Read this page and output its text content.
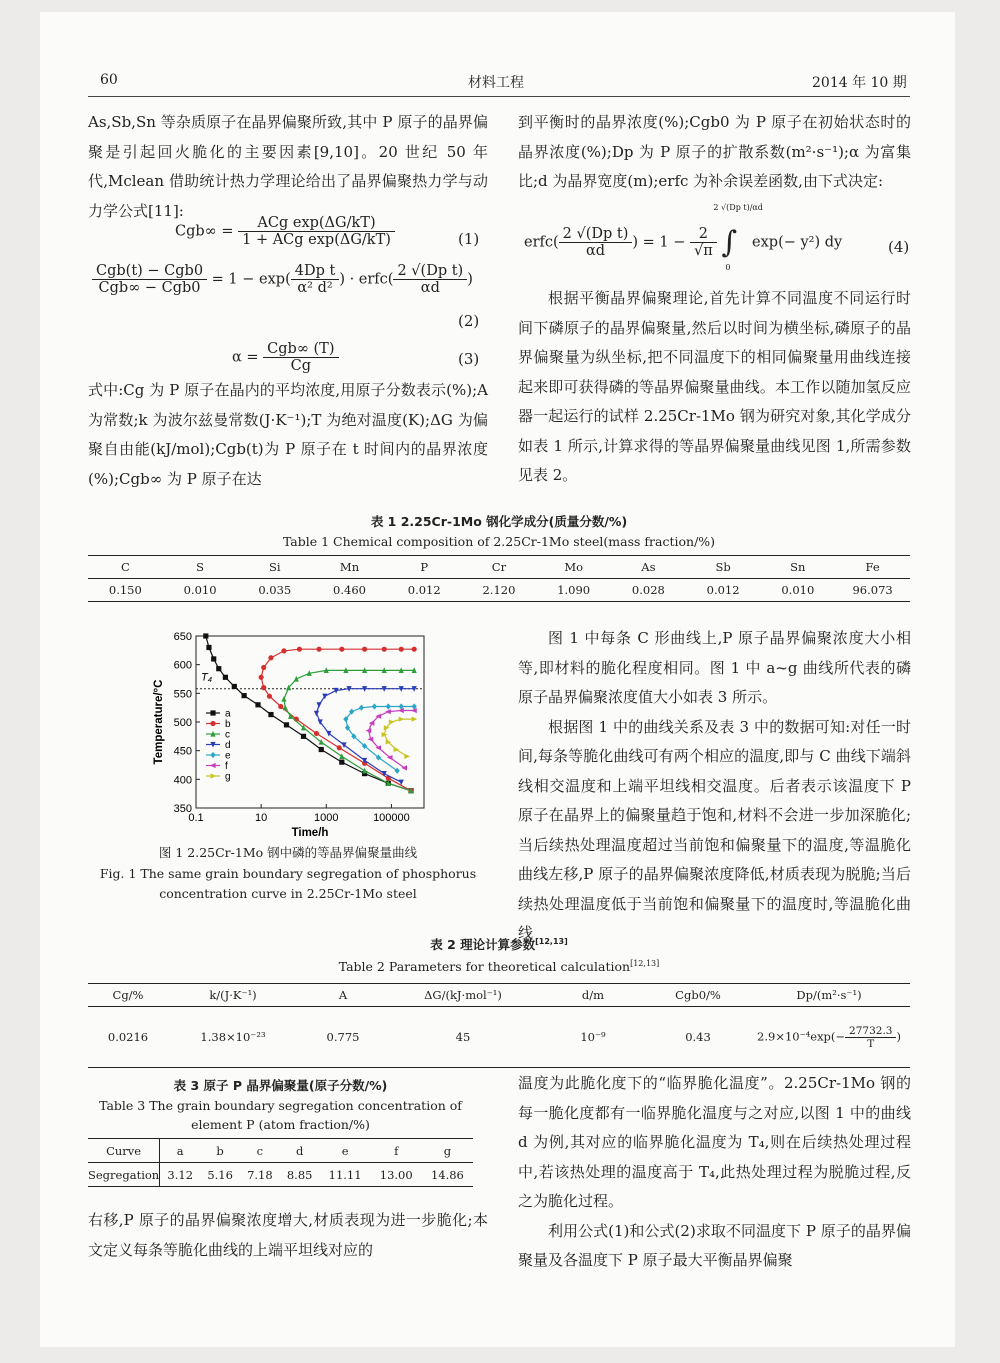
60	材料工程	2014 年 10 期

As,Sb,Sn 等杂质原子在晶界偏聚所致,其中 P 原子的晶界偏聚是引起回火脆化的主要因素[9,10]。20 世纪 50 年代,Mclean 借助统计热力学理论给出了晶界偏聚热力学与动力学公式[11]:

$Cgb\infty = \frac{\text{ACg exp(ΔG/kT)}}{\text{1 + ACg exp(ΔG/kT)}}$	(1)
$\frac{\text{Cgb(t) − Cgb0}}{\text{Cgb∞ − Cgb0}} = 1 - \exp( \frac{\text{4Dp t}}{\text{α² d²}}$ ) · erfc( $\frac{\text{2 √(Dp t)}}{\alpha d}$ )
(2)
$\alpha = \frac{\text{Cgb∞ (T)}}{Cg}$	(3)

式中:Cg 为 P 原子在晶内的平均浓度,用原子分数表示(%);A 为常数;k 为波尔兹曼常数(J·K⁻¹);T 为绝对温度(K);ΔG 为偏聚自由能(kJ/mol);Cgb(t)为 P 原子在 t 时间内的晶界浓度(%);Cgb∞ 为 P 原子在达

到平衡时的晶界浓度(%);Cgb0 为 P 原子在初始状态时的晶界浓度(%);Dp 为 P 原子的扩散系数(m²·s⁻¹);α 为富集比;d 为晶界宽度(m);erfc 为补余误差函数,由下式决定:

erfc( $\frac{\text{2 √(Dp t)}}{\alpha d}$ ) = $1 - \frac{2}{√\pi}$ ∫
2 √(Dp t)/αd
0
exp(− y²) dy	(4)

根据平衡晶界偏聚理论,首先计算不同温度不同运行时间下磷原子的晶界偏聚量,然后以时间为横坐标,磷原子的晶界偏聚量为纵坐标,把不同温度下的相同偏聚量用曲线连接起来即可获得磷的等晶界偏聚量曲线。本工作以随加氢反应器一起运行的试样 2.25Cr-1Mo 钢为研究对象,其化学成分如表 1 所示,计算求得的等晶界偏聚量曲线见图 1,所需参数见表 2。

表 1 2.25Cr-1Mo 钢化学成分(质量分数/%)
Table 1 Chemical composition of 2.25Cr-1Mo steel(mass fraction/%)
C	S	Si	Mn	P	Cr	Mo	As	Sb	Sn	Fe
0.150	0.010	0.035	0.460	0.012	2.120	1.090	0.028	0.012	0.010	96.073
350
400
450
500
550
600
650
0.1	10	1000	100000
Temperature/°C
Time/h
T₄
a
b
c
d
e
f
g
图 1 2.25Cr-1Mo 钢中磷的等晶界偏聚量曲线
Fig. 1 The same grain boundary segregation of phosphorus
concentration curve in 2.25Cr-1Mo steel

图 1 中每条 C 形曲线上,P 原子晶界偏聚浓度大小相等,即材料的脆化程度相同。图 1 中 a~g 曲线所代表的磷原子晶界偏聚浓度值大小如表 3 所示。

根据图 1 中的曲线关系及表 3 中的数据可知:对任一时间,每条等脆化曲线可有两个相应的温度,即与 C 曲线下端斜线相交温度和上端平坦线相交温度。后者表示该温度下 P 原子在晶界上的偏聚量趋于饱和,材料不会进一步加深脆化;当后续热处理温度超过当前饱和偏聚量下的温度,等温脆化曲线左移,P 原子的晶界偏聚浓度降低,材质表现为脱脆;当后续热处理温度低于当前饱和偏聚量下的温度时,等温脆化曲线

表 2 理论计算参数[12,13]
Table 2 Parameters for theoretical calculation[12,13]
Cg/%	k/(J·K⁻¹)	A	ΔG/(kJ·mol⁻¹)	d/m	Cgb0/%	Dp/(m²·s⁻¹)
0.0216	1.38×10⁻²³	0.775	45	10⁻⁹	0.43	$2.9\times 10^{-4}\exp(- \frac{27732.3}{T}$ )
表 3 原子 P 晶界偏聚量(原子分数/%)
Table 3 The grain boundary segregation concentration of
element P (atom fraction/%)
Curve	a	b	c	d	e	f	g
Segregation	3.12	5.16	7.18	8.85	11.11	13.00	14.86

右移,P 原子的晶界偏聚浓度增大,材质表现为进一步脆化;本文定义每条等脆化曲线的上端平坦线对应的

温度为此脆化度下的“临界脆化温度”。2.25Cr-1Mo 钢的每一脆化度都有一临界脆化温度与之对应,以图 1 中的曲线 d 为例,其对应的临界脆化温度为 T₄,则在后续热处理过程中,若该热处理的温度高于 T₄,此热处理过程为脱脆过程,反之为脆化过程。

利用公式(1)和公式(2)求取不同温度下 P 原子的晶界偏聚量及各温度下 P 原子最大平衡晶界偏聚
